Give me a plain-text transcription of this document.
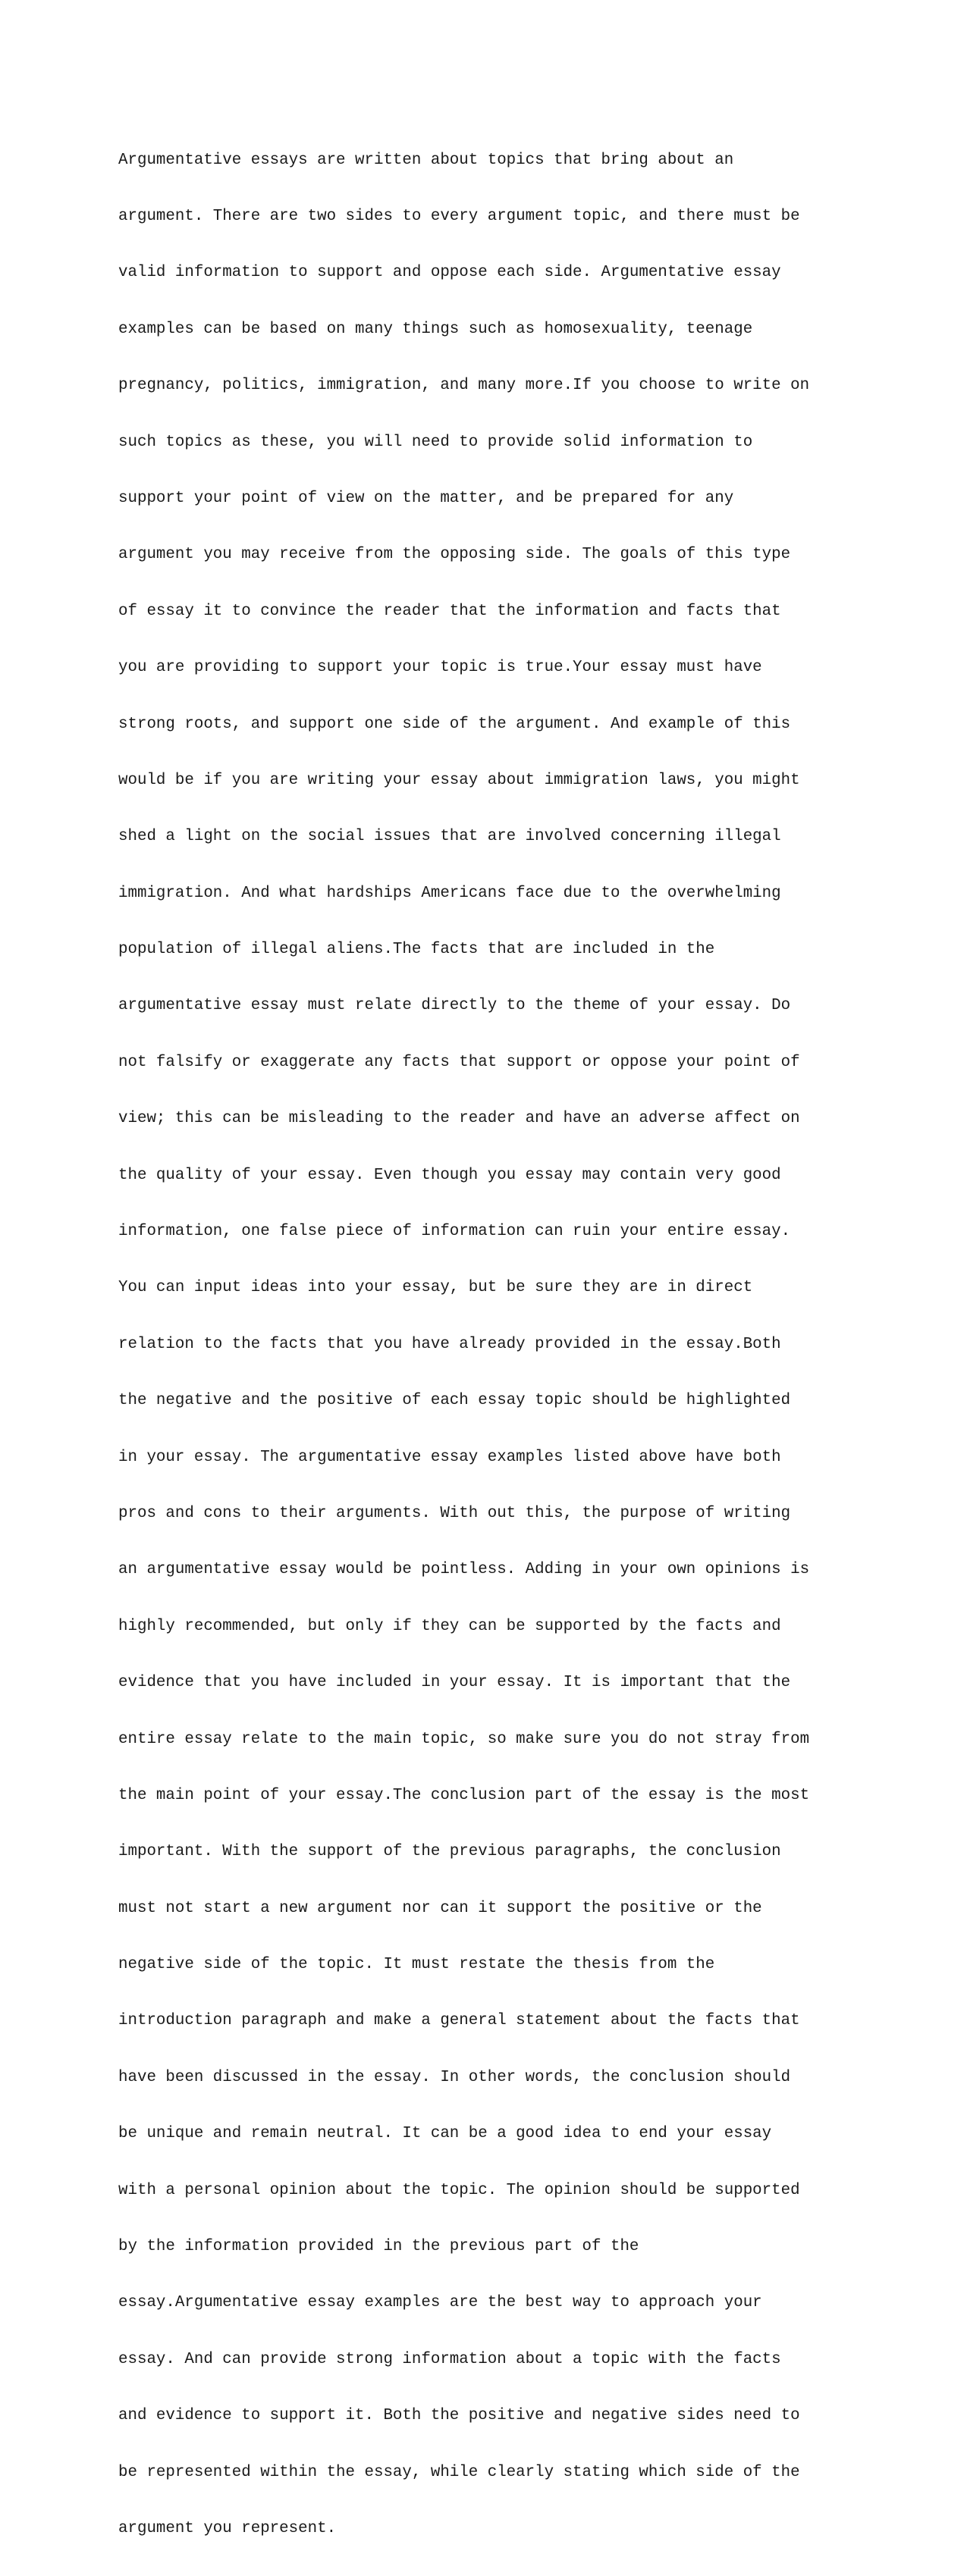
Argumentative essays are written about topics that bring about an

argument. There are two sides to every argument topic, and there must be

valid information to support and oppose each side. Argumentative essay

examples can be based on many things such as homosexuality, teenage

pregnancy, politics, immigration, and many more.If you choose to write on

such topics as these, you will need to provide solid information to

support your point of view on the matter, and be prepared for any

argument you may receive from the opposing side. The goals of this type

of essay it to convince the reader that the information and facts that

you are providing to support your topic is true.Your essay must have

strong roots, and support one side of the argument. And example of this

would be if you are writing your essay about immigration laws, you might

shed a light on the social issues that are involved concerning illegal

immigration. And what hardships Americans face due to the overwhelming

population of illegal aliens.The facts that are included in the

argumentative essay must relate directly to the theme of your essay. Do

not falsify or exaggerate any facts that support or oppose your point of

view; this can be misleading to the reader and have an adverse affect on

the quality of your essay. Even though you essay may contain very good

information, one false piece of information can ruin your entire essay.

You can input ideas into your essay, but be sure they are in direct

relation to the facts that you have already provided in the essay.Both

the negative and the positive of each essay topic should be highlighted

in your essay. The argumentative essay examples listed above have both

pros and cons to their arguments. With out this, the purpose of writing

an argumentative essay would be pointless. Adding in your own opinions is

highly recommended, but only if they can be supported by the facts and

evidence that you have included in your essay. It is important that the

entire essay relate to the main topic, so make sure you do not stray from

the main point of your essay.The conclusion part of the essay is the most

important. With the support of the previous paragraphs, the conclusion

must not start a new argument nor can it support the positive or the

negative side of the topic. It must restate the thesis from the

introduction paragraph and make a general statement about the facts that

have been discussed in the essay. In other words, the conclusion should

be unique and remain neutral. It can be a good idea to end your essay

with a personal opinion about the topic. The opinion should be supported

by the information provided in the previous part of the

essay.Argumentative essay examples are the best way to approach your

essay. And can provide strong information about a topic with the facts

and evidence to support it. Both the positive and negative sides need to

be represented within the essay, while clearly stating which side of the

argument you represent.
